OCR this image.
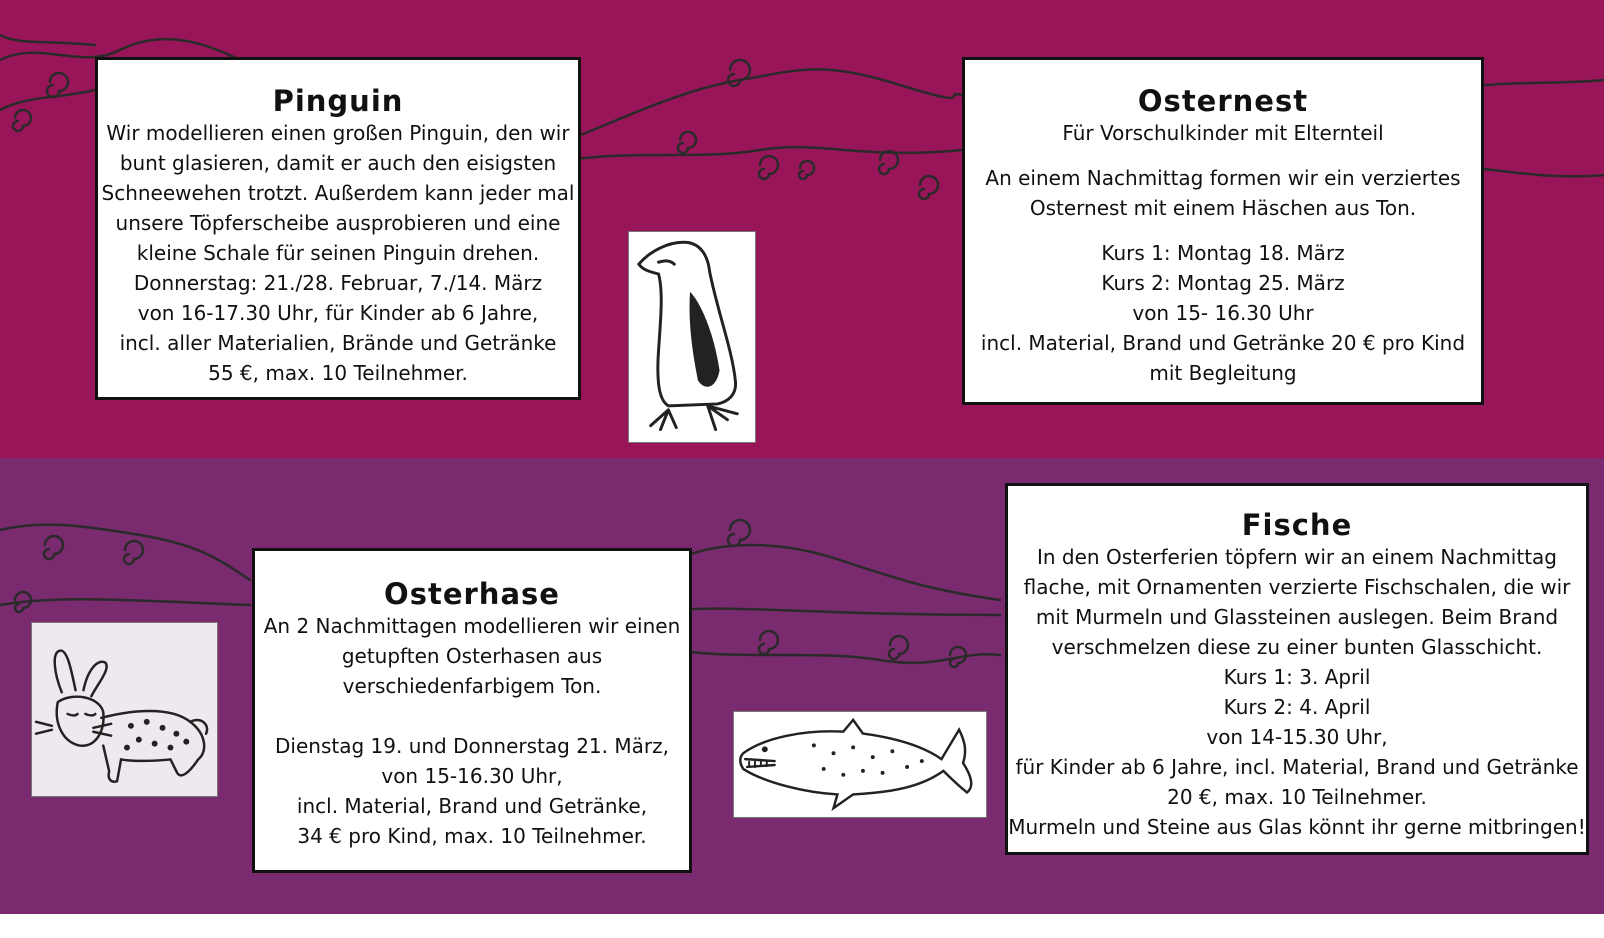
Pinguin

Wir modellieren einen großen Pinguin, den wir

bunt glasieren, damit er auch den eisigsten

Schneewehen trotzt. Außerdem kann jeder mal

unsere Töpferscheibe ausprobieren und eine

kleine Schale für seinen Pinguin drehen.

Donnerstag: 21./28. Februar, 7./14. März

von 16-17.30 Uhr, für Kinder ab 6 Jahre,

incl. aller Materialien, Brände und Getränke

55 €, max. 10 Teilnehmer.

Osternest

Für Vorschulkinder mit Elternteil

An einem Nachmittag formen wir ein verziertes

Osternest mit einem Häschen aus Ton.

Kurs 1: Montag 18. März

Kurs 2: Montag 25. März

von 15- 16.30 Uhr

incl. Material, Brand und Getränke 20 € pro Kind

mit Begleitung

Osterhase

An 2 Nachmittagen modellieren wir einen

getupften Osterhasen aus

verschiedenfarbigem Ton.

Dienstag 19. und Donnerstag 21. März,

von 15-16.30 Uhr,

incl. Material, Brand und Getränke,

34 € pro Kind, max. 10 Teilnehmer.

Fische

In den Osterferien töpfern wir an einem Nachmittag

flache, mit Ornamenten verzierte Fischschalen, die wir

mit Murmeln und Glassteinen auslegen. Beim Brand

verschmelzen diese zu einer bunten Glasschicht.

Kurs 1: 3. April

Kurs 2: 4. April

von 14-15.30 Uhr,

für Kinder ab 6 Jahre, incl. Material, Brand und Getränke

20 €, max. 10 Teilnehmer.

Murmeln und Steine aus Glas könnt ihr gerne mitbringen!
